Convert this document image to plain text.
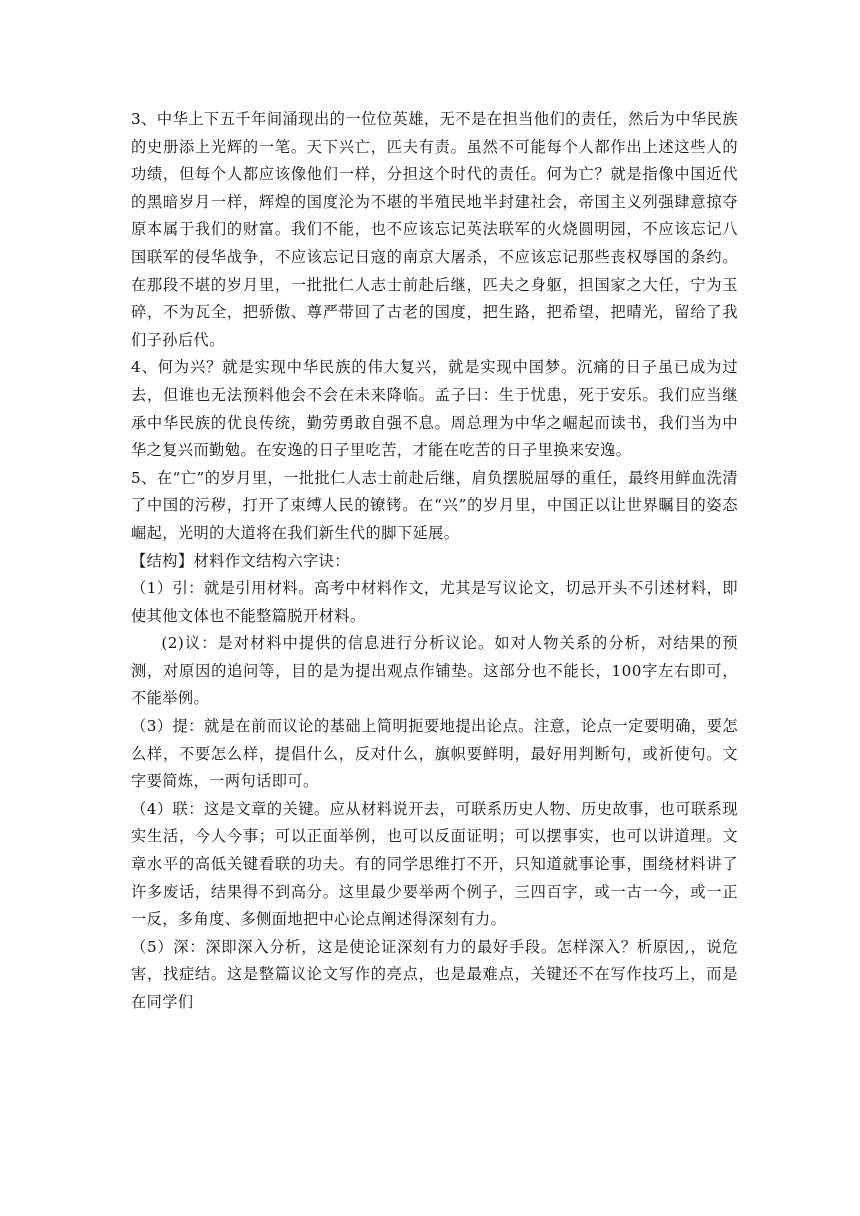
3、中华上下五千年间涌现出的一位位英雄，无不是在担当他们的责任，然后为中华民族的史册添上光辉的一笔。天下兴亡，匹夫有责。虽然不可能每个人都作出上述这些人的功绩，但每个人都应该像他们一样，分担这个时代的责任。何为亡？就是指像中国近代的黑暗岁月一样，辉煌的国度沦为不堪的半殖民地半封建社会，帝国主义列强肆意掠夺原本属于我们的财富。我们不能，也不应该忘记英法联军的火烧圆明园，不应该忘记八国联军的侵华战争，不应该忘记日寇的南京大屠杀，不应该忘记那些丧权辱国的条约。在那段不堪的岁月里，一批批仁人志士前赴后继，匹夫之身躯，担国家之大任，宁为玉碎，不为瓦全，把骄傲、尊严带回了古老的国度，把生路，把希望，把晴光，留给了我们子孙后代。

4、何为兴？就是实现中华民族的伟大复兴，就是实现中国梦。沉痛的日子虽已成为过去，但谁也无法预料他会不会在未来降临。孟子曰：生于忧患，死于安乐。我们应当继承中华民族的优良传统，勤劳勇敢自强不息。周总理为中华之崛起而读书，我们当为中华之复兴而勤勉。在安逸的日子里吃苦，才能在吃苦的日子里换来安逸。

5、在“亡”的岁月里，一批批仁人志士前赴后继，肩负摆脱屈辱的重任，最终用鲜血洗清了中国的污秽，打开了束缚人民的镣铐。在“兴”的岁月里，中国正以让世界瞩目的姿态崛起，光明的大道将在我们新生代的脚下延展。

【结构】材料作文结构六字诀：

（1）引：就是引用材料。高考中材料作文，尤其是写议论文，切忌开头不引述材料，即使其他文体也不能整篇脱开材料。

(2)议：是对材料中提供的信息进行分析议论。如对人物关系的分析，对结果的预测，对原因的追问等，目的是为提出观点作铺垫。这部分也不能长，100字左右即可，不能举例。

（3）提：就是在前而议论的基础上简明扼要地提出论点。注意，论点一定要明确，要怎么样，不要怎么样，提倡什么，反对什么，旗帜要鲜明，最好用判断句，或祈使句。文字要简炼，一两句话即可。

（4）联：这是文章的关键。应从材料说开去，可联系历史人物、历史故事，也可联系现实生活，今人今事；可以正面举例，也可以反面证明；可以摆事实，也可以讲道理。文章水平的高低关键看联的功夫。有的同学思维打不开，只知道就事论事，围绕材料讲了许多废话，结果得不到高分。这里最少要举两个例子，三四百字，或一古一今，或一正一反，多角度、多侧面地把中心论点阐述得深刻有力。

（5）深：深即深入分析，这是使论证深刻有力的最好手段。怎样深入？析原因,，说危害，找症结。这是整篇议论文写作的亮点，也是最难点，关键还不在写作技巧上，而是在同学们
